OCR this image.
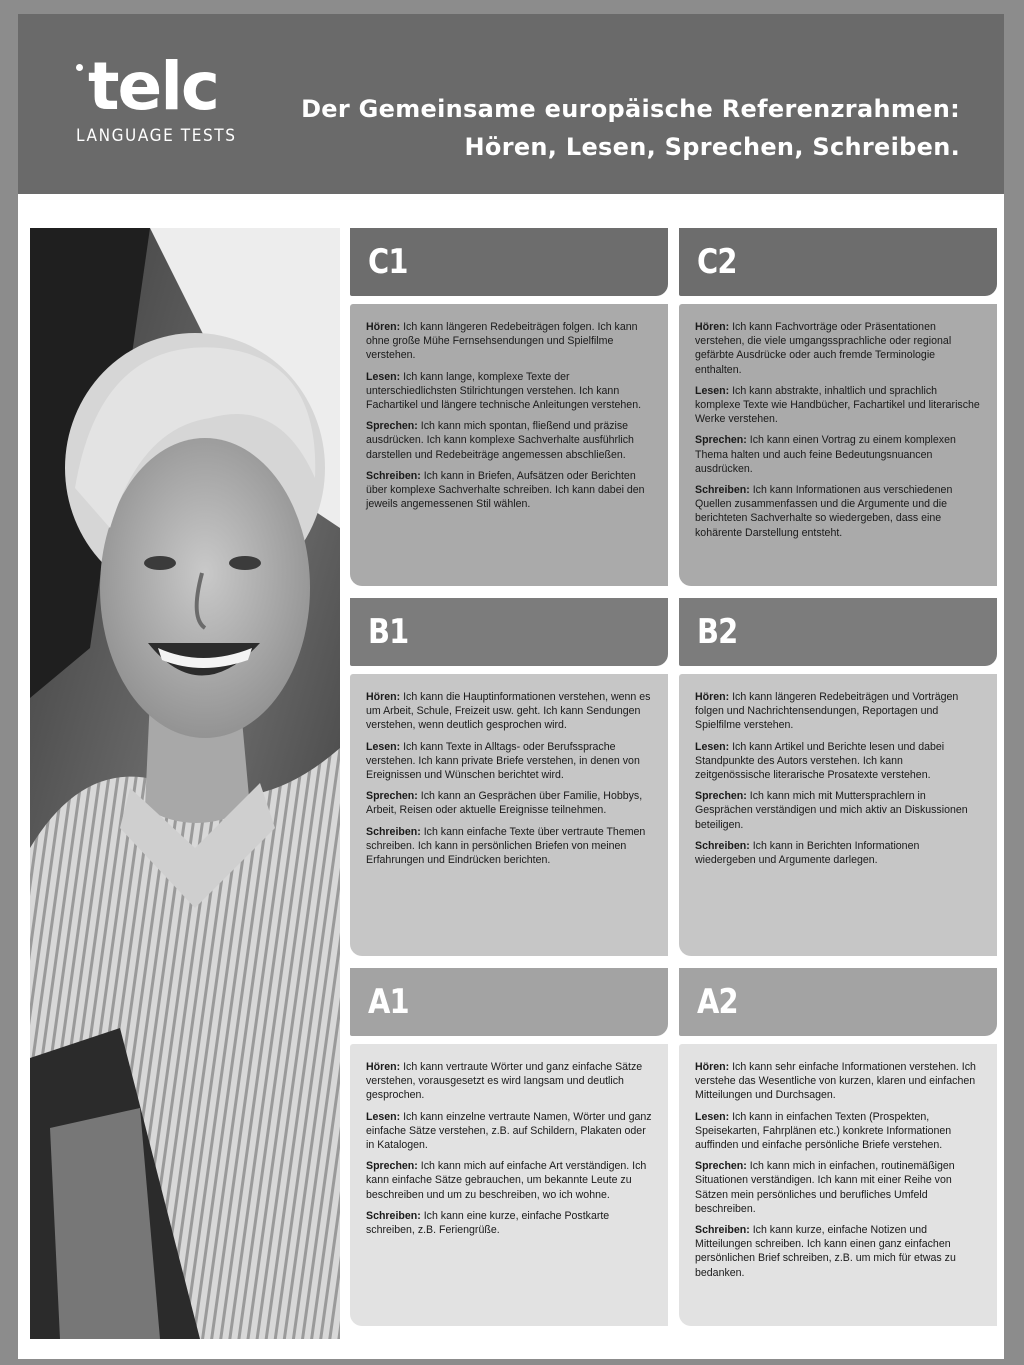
telc
LANGUAGE TESTS
Der Gemeinsame europäische Referenzrahmen:
Hören, Lesen, Sprechen, Schreiben.
C1

Hören: Ich kann längeren Redebeiträgen folgen. Ich kann ohne große Mühe Fernsehsendungen und Spielfilme verstehen.

Lesen: Ich kann lange, komplexe Texte der unterschiedlichsten Stilrichtungen verstehen. Ich kann Fachartikel und längere technische Anleitungen verstehen.

Sprechen: Ich kann mich spontan, fließend und präzise ausdrücken. Ich kann komplexe Sachverhalte ausführlich darstellen und Redebeiträge angemessen abschließen.

Schreiben: Ich kann in Briefen, Aufsätzen oder Berichten über komplexe Sachverhalte schreiben. Ich kann dabei den jeweils angemessenen Stil wählen.

C2

Hören: Ich kann Fachvorträge oder Präsentationen verstehen, die viele umgangssprachliche oder regional gefärbte Ausdrücke oder auch fremde Terminologie enthalten.

Lesen: Ich kann abstrakte, inhaltlich und sprachlich komplexe Texte wie Handbücher, Fachartikel und literarische Werke verstehen.

Sprechen: Ich kann einen Vortrag zu einem komplexen Thema halten und auch feine Bedeutungsnuancen ausdrücken.

Schreiben: Ich kann Informationen aus verschiedenen Quellen zusammenfassen und die Argumente und die berichteten Sachverhalte so wiedergeben, dass eine kohärente Darstellung entsteht.

B1

Hören: Ich kann die Hauptinformationen verstehen, wenn es um Arbeit, Schule, Freizeit usw. geht. Ich kann Sendungen verstehen, wenn deutlich gesprochen wird.

Lesen: Ich kann Texte in Alltags- oder Berufssprache verstehen. Ich kann private Briefe verstehen, in denen von Ereignissen und Wünschen berichtet wird.

Sprechen: Ich kann an Gesprächen über Familie, Hobbys, Arbeit, Reisen oder aktuelle Ereignisse teilnehmen.

Schreiben: Ich kann einfache Texte über vertraute Themen schreiben. Ich kann in persönlichen Briefen von meinen Erfahrungen und Eindrücken berichten.

B2

Hören: Ich kann längeren Redebeiträgen und Vorträgen folgen und Nachrichtensendungen, Reportagen und Spielfilme verstehen.

Lesen: Ich kann Artikel und Berichte lesen und dabei Standpunkte des Autors verstehen. Ich kann zeitgenössische literarische Prosatexte verstehen.

Sprechen: Ich kann mich mit Muttersprachlern in Gesprächen verständigen und mich aktiv an Diskussionen beteiligen.

Schreiben: Ich kann in Berichten Informationen wiedergeben und Argumente darlegen.

A1

Hören: Ich kann vertraute Wörter und ganz einfache Sätze verstehen, vorausgesetzt es wird langsam und deutlich gesprochen.

Lesen: Ich kann einzelne vertraute Namen, Wörter und ganz einfache Sätze verstehen, z.B. auf Schildern, Plakaten oder in Katalogen.

Sprechen: Ich kann mich auf einfache Art verständigen. Ich kann einfache Sätze gebrauchen, um bekannte Leute zu beschreiben und um zu beschreiben, wo ich wohne.

Schreiben: Ich kann eine kurze, einfache Postkarte schreiben, z.B. Feriengrüße.

A2

Hören: Ich kann sehr einfache Informationen verstehen. Ich verstehe das Wesentliche von kurzen, klaren und einfachen Mitteilungen und Durchsagen.

Lesen: Ich kann in einfachen Texten (Prospekten, Speisekarten, Fahrplänen etc.) konkrete Informationen auffinden und einfache persönliche Briefe verstehen.

Sprechen: Ich kann mich in einfachen, routinemäßigen Situationen verständigen. Ich kann mit einer Reihe von Sätzen mein persönliches und berufliches Umfeld beschreiben.

Schreiben: Ich kann kurze, einfache Notizen und Mitteilungen schreiben. Ich kann einen ganz einfachen persönlichen Brief schreiben, z.B. um mich für etwas zu bedanken.
